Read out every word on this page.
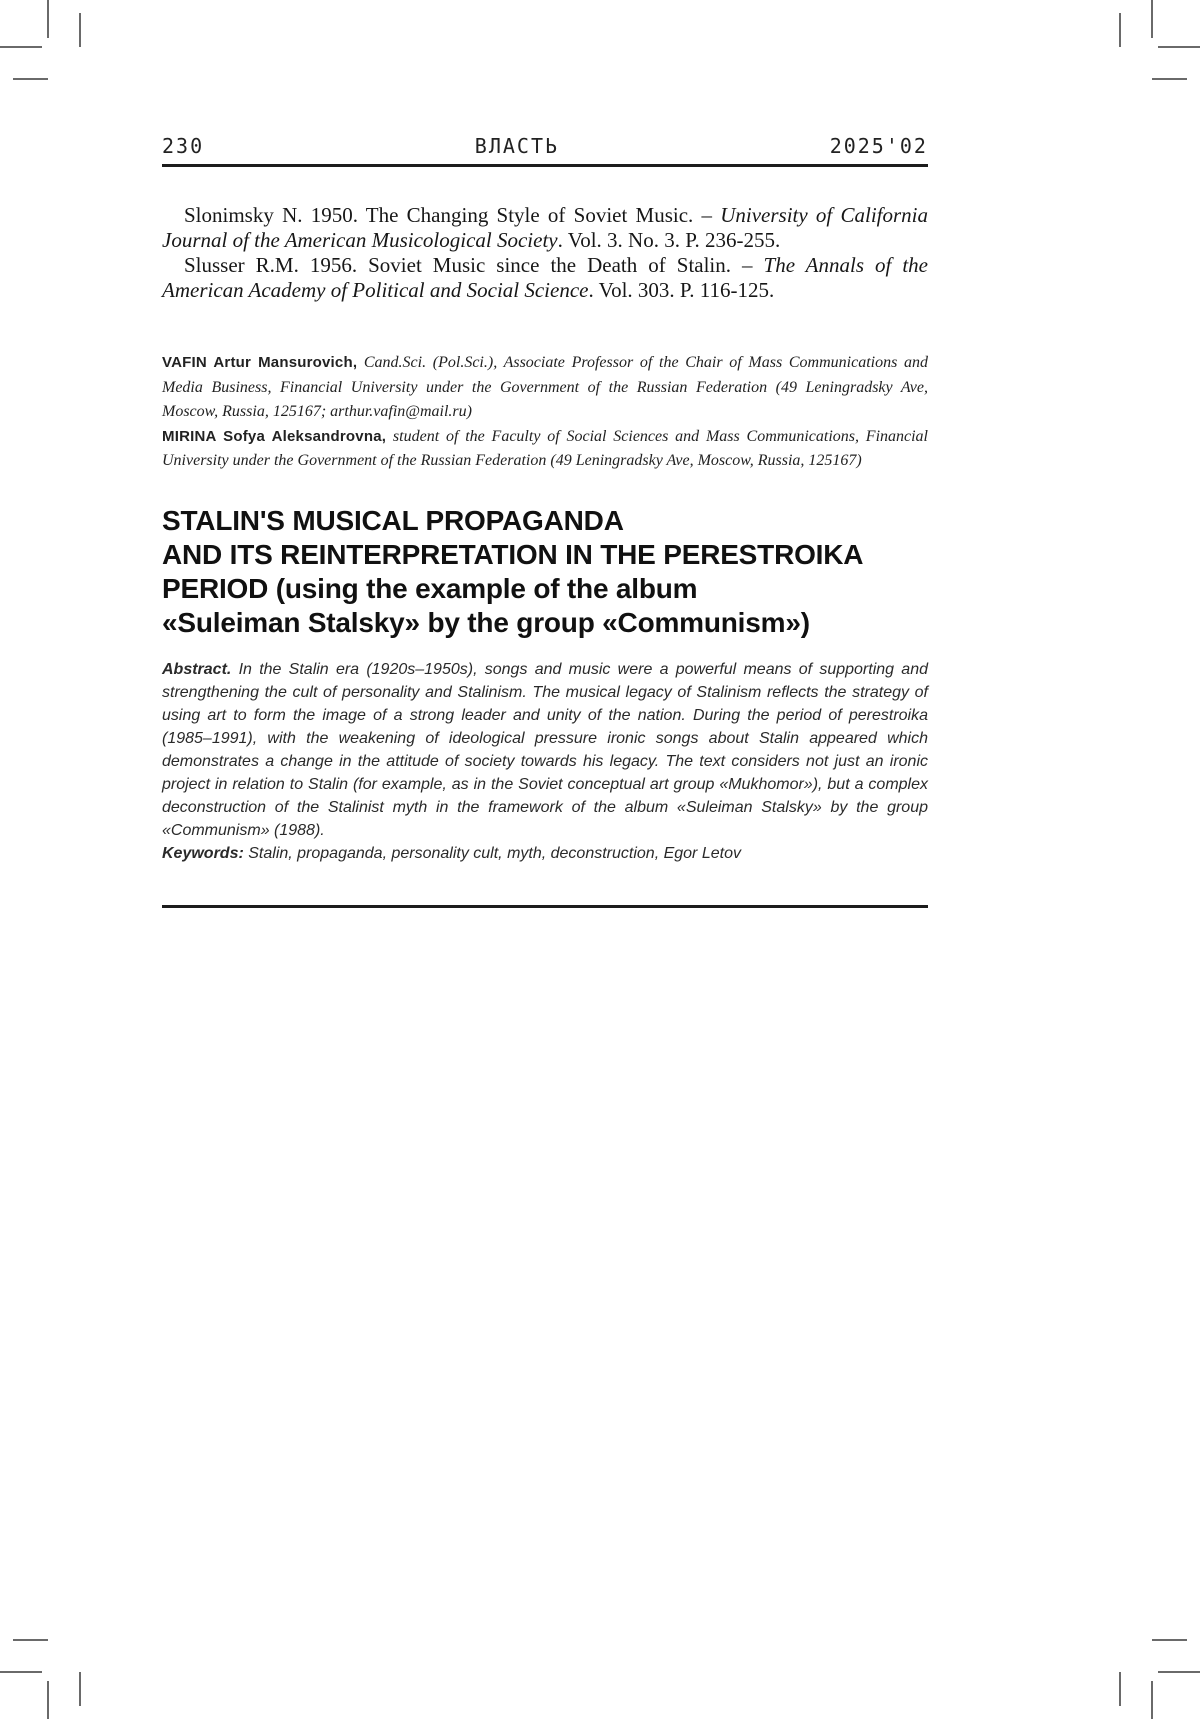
230	ВЛАСТЬ	2025'02

Slonimsky N. 1950. The Changing Style of Soviet Music. – University of California Journal of the American Musicological Society. Vol. 3. No. 3. P. 236-255.

Slusser R.M. 1956. Soviet Music since the Death of Stalin. – The Annals of the American Academy of Political and Social Science. Vol. 303. P. 116-125.

VAFIN Artur Mansurovich, Cand.Sci. (Pol.Sci.), Associate Professor of the Chair of Mass Communications and Media Business, Financial University under the Government of the Russian Federation (49 Leningradsky Ave, Moscow, Russia, 125167; arthur.vafin@mail.ru)

MIRINA Sofya Aleksandrovna, student of the Faculty of Social Sciences and Mass Communications, Financial University under the Government of the Russian Federation (49 Leningradsky Ave, Moscow, Russia, 125167)

STALIN'S MUSICAL PROPAGANDA
AND ITS REINTERPRETATION IN THE PERESTROIKA
PERIOD (using the example of the album
«Suleiman Stalsky» by the group «Communism»)

Abstract. In the Stalin era (1920s–1950s), songs and music were a powerful means of supporting and strengthening the cult of personality and Stalinism. The musical legacy of Stalinism reflects the strategy of using art to form the image of a strong leader and unity of the nation. During the period of perestroika (1985–1991), with the weakening of ideological pressure ironic songs about Stalin appeared which demonstrates a change in the attitude of society towards his legacy. The text considers not just an ironic project in relation to Stalin (for example, as in the Soviet conceptual art group «Mukhomor»), but a complex deconstruction of the Stalinist myth in the framework of the album «Suleiman Stalsky» by the group «Communism» (1988).

Keywords: Stalin, propaganda, personality cult, myth, deconstruction, Egor Letov
